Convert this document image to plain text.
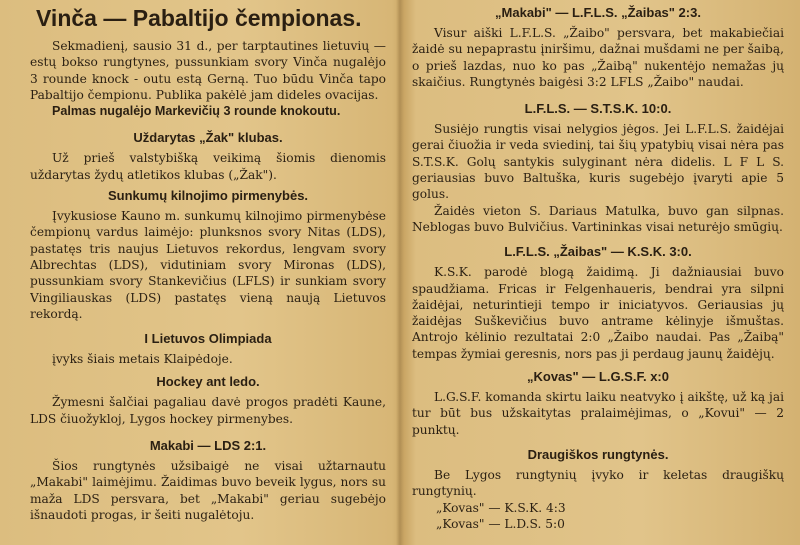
Vinča — Pabaltijo čempionas.

Sekmadienį, sausio 31 d., per tarptautines lietuvių — estų bokso rungtynes, pussunkiam svory Vinča nugalėjo 3 rounde knock - outu estą Gerną. Tuo būdu Vinča tapo Pabaltijo čempionu. Publika pakėlė jam dideles ovacijas.

Palmas nugalėjo Markevičių 3 rounde knokoutu.

Uždarytas „Žak" klubas.

Už prieš valstybišką veikimą šiomis dienomis uždarytas žydų atletikos klubas („Žak").

Sunkumų kilnojimo pirmenybės.

Įvykusiose Kauno m. sunkumų kilnojimo pirmenybėse čempionų vardus laimėjo: plunksnos svory Nitas (LDS), pastatęs tris naujus Lietuvos rekordus, lengvam svory Albrechtas (LDS), vidutiniam svory Mironas (LDS), pussunkiam svory Stankevičius (LFLS) ir sunkiam svory Vingiliauskas (LDS) pastatęs vieną naują Lietuvos rekordą.

I Lietuvos Olimpiada

įvyks šiais metais Klaipėdoje.

Hockey ant ledo.

Žymesni šalčiai pagaliau davė progos pradėti Kaune, LDS čiuožykloj, Lygos hockey pirmenybes.

Makabi — LDS 2:1.

Šios rungtynės užsibaigė ne visai užtarnautu „Makabi" laimėjimu. Žaidimas buvo beveik lygus, nors su maža LDS persvara, bet „Makabi" geriau sugebėjo išnaudoti progas, ir šeiti nugalėtoju.

„Makabi" — L.F.L.S. „Žaibas" 2:3.

Visur aiški L.F.L.S. „Žaibo" persvara, bet makabiečiai žaidė su nepaprastu įniršimu, dažnai mušdami ne per šaibą, o prieš lazdas, nuo ko pas „Žaibą" nukentėjo nemažas jų skaičius. Rungtynės baigėsi 3:2 LFLS „Žaibo" naudai.

L.F.L.S. — S.T.S.K. 10:0.

Susiėjo rungtis visai nelygios jėgos. Jei L.F.L.S. žaidėjai gerai čiuožia ir veda sviedinį, tai šių ypatybių visai nėra pas S.T.S.K. Golų santykis sulyginant nėra didelis. L F L S. geriausias buvo Baltuška, kuris sugebėjo įvaryti apie 5 golus.

Žaidės vieton S. Dariaus Matulka, buvo gan silpnas. Neblogas buvo Bulvičius. Vartininkas visai neturėjo smūgių.

L.F.L.S. „Žaibas" — K.S.K. 3:0.

K.S.K. parodė blogą žaidimą. Ji dažniausiai buvo spaudžiama. Fricas ir Felgenhaueris, bendrai yra silpni žaidėjai, neturintieji tempo ir iniciatyvos. Geriausias jų žaidėjas Suškevičius buvo antrame kėlinyje išmuštas. Antrojo kėlinio rezultatai 2:0 „Žaibo naudai. Pas „Žaibą" tempas žymiai geresnis, nors pas ji perdaug jaunų žaidėjų.

„Kovas" — L.G.S.F. x:0

L.G.S.F. komanda skirtu laiku neatvyko į aikštę, už ką jai tur būt bus užskaitytas pralaimėjimas, o „Kovui" — 2 punktų.

Draugiškos rungtynės.

Be Lygos rungtynių įvyko ir keletas draugiškų rungtynių.

„Kovas" — K.S.K. 4:3

„Kovas" — L.D.S. 5:0
